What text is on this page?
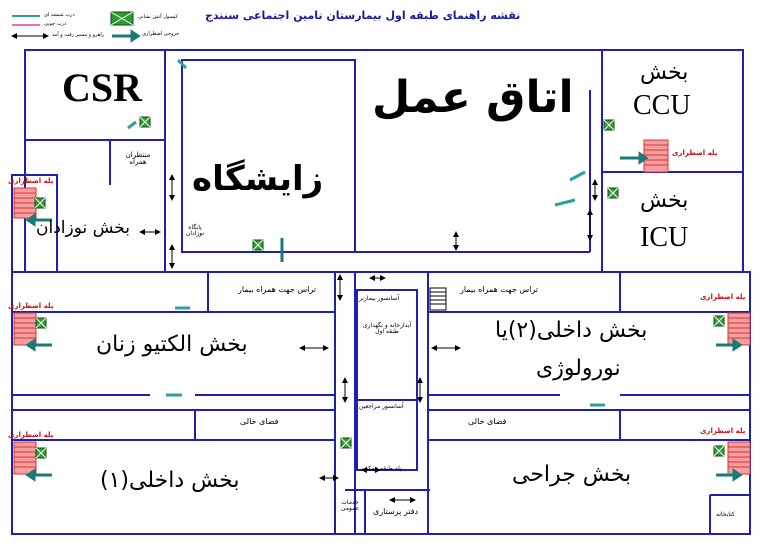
نقشه راهنمای طبقه اول بیمارستان تامین اجتماعی سنندج
درب شیشه ای
درب چوبی
راهرو و مسیر رفت و آمد
کپسول آتش نشانی
خروجی اضطراری
CSR	اتاق عمل	بخش
CCU
بخش
ICU
زایشگاه
منتظران همراه
بخش نوزادان	پایگاه نوزادان
تراس جهت همراه بیمار	تراس جهت همراه بیمار
آسانسور بیماربر
آبدارخانه و نگهداری طبقه اول
آسانسور مراجعین
بخش الکتیو زنان
بخش داخلی(۲)یا
نورولوژی
فضای خالی	فضای خالی
پله طبقه همکف
بخش داخلی(۱)	بخش جراحی
دفتر پرستاری
خدمات عمومی
کتابخانه
پله اضطراری
پله اضطراری
پله اضطراری
پله اضطراری
پله اضطراری
پله اضطراری
